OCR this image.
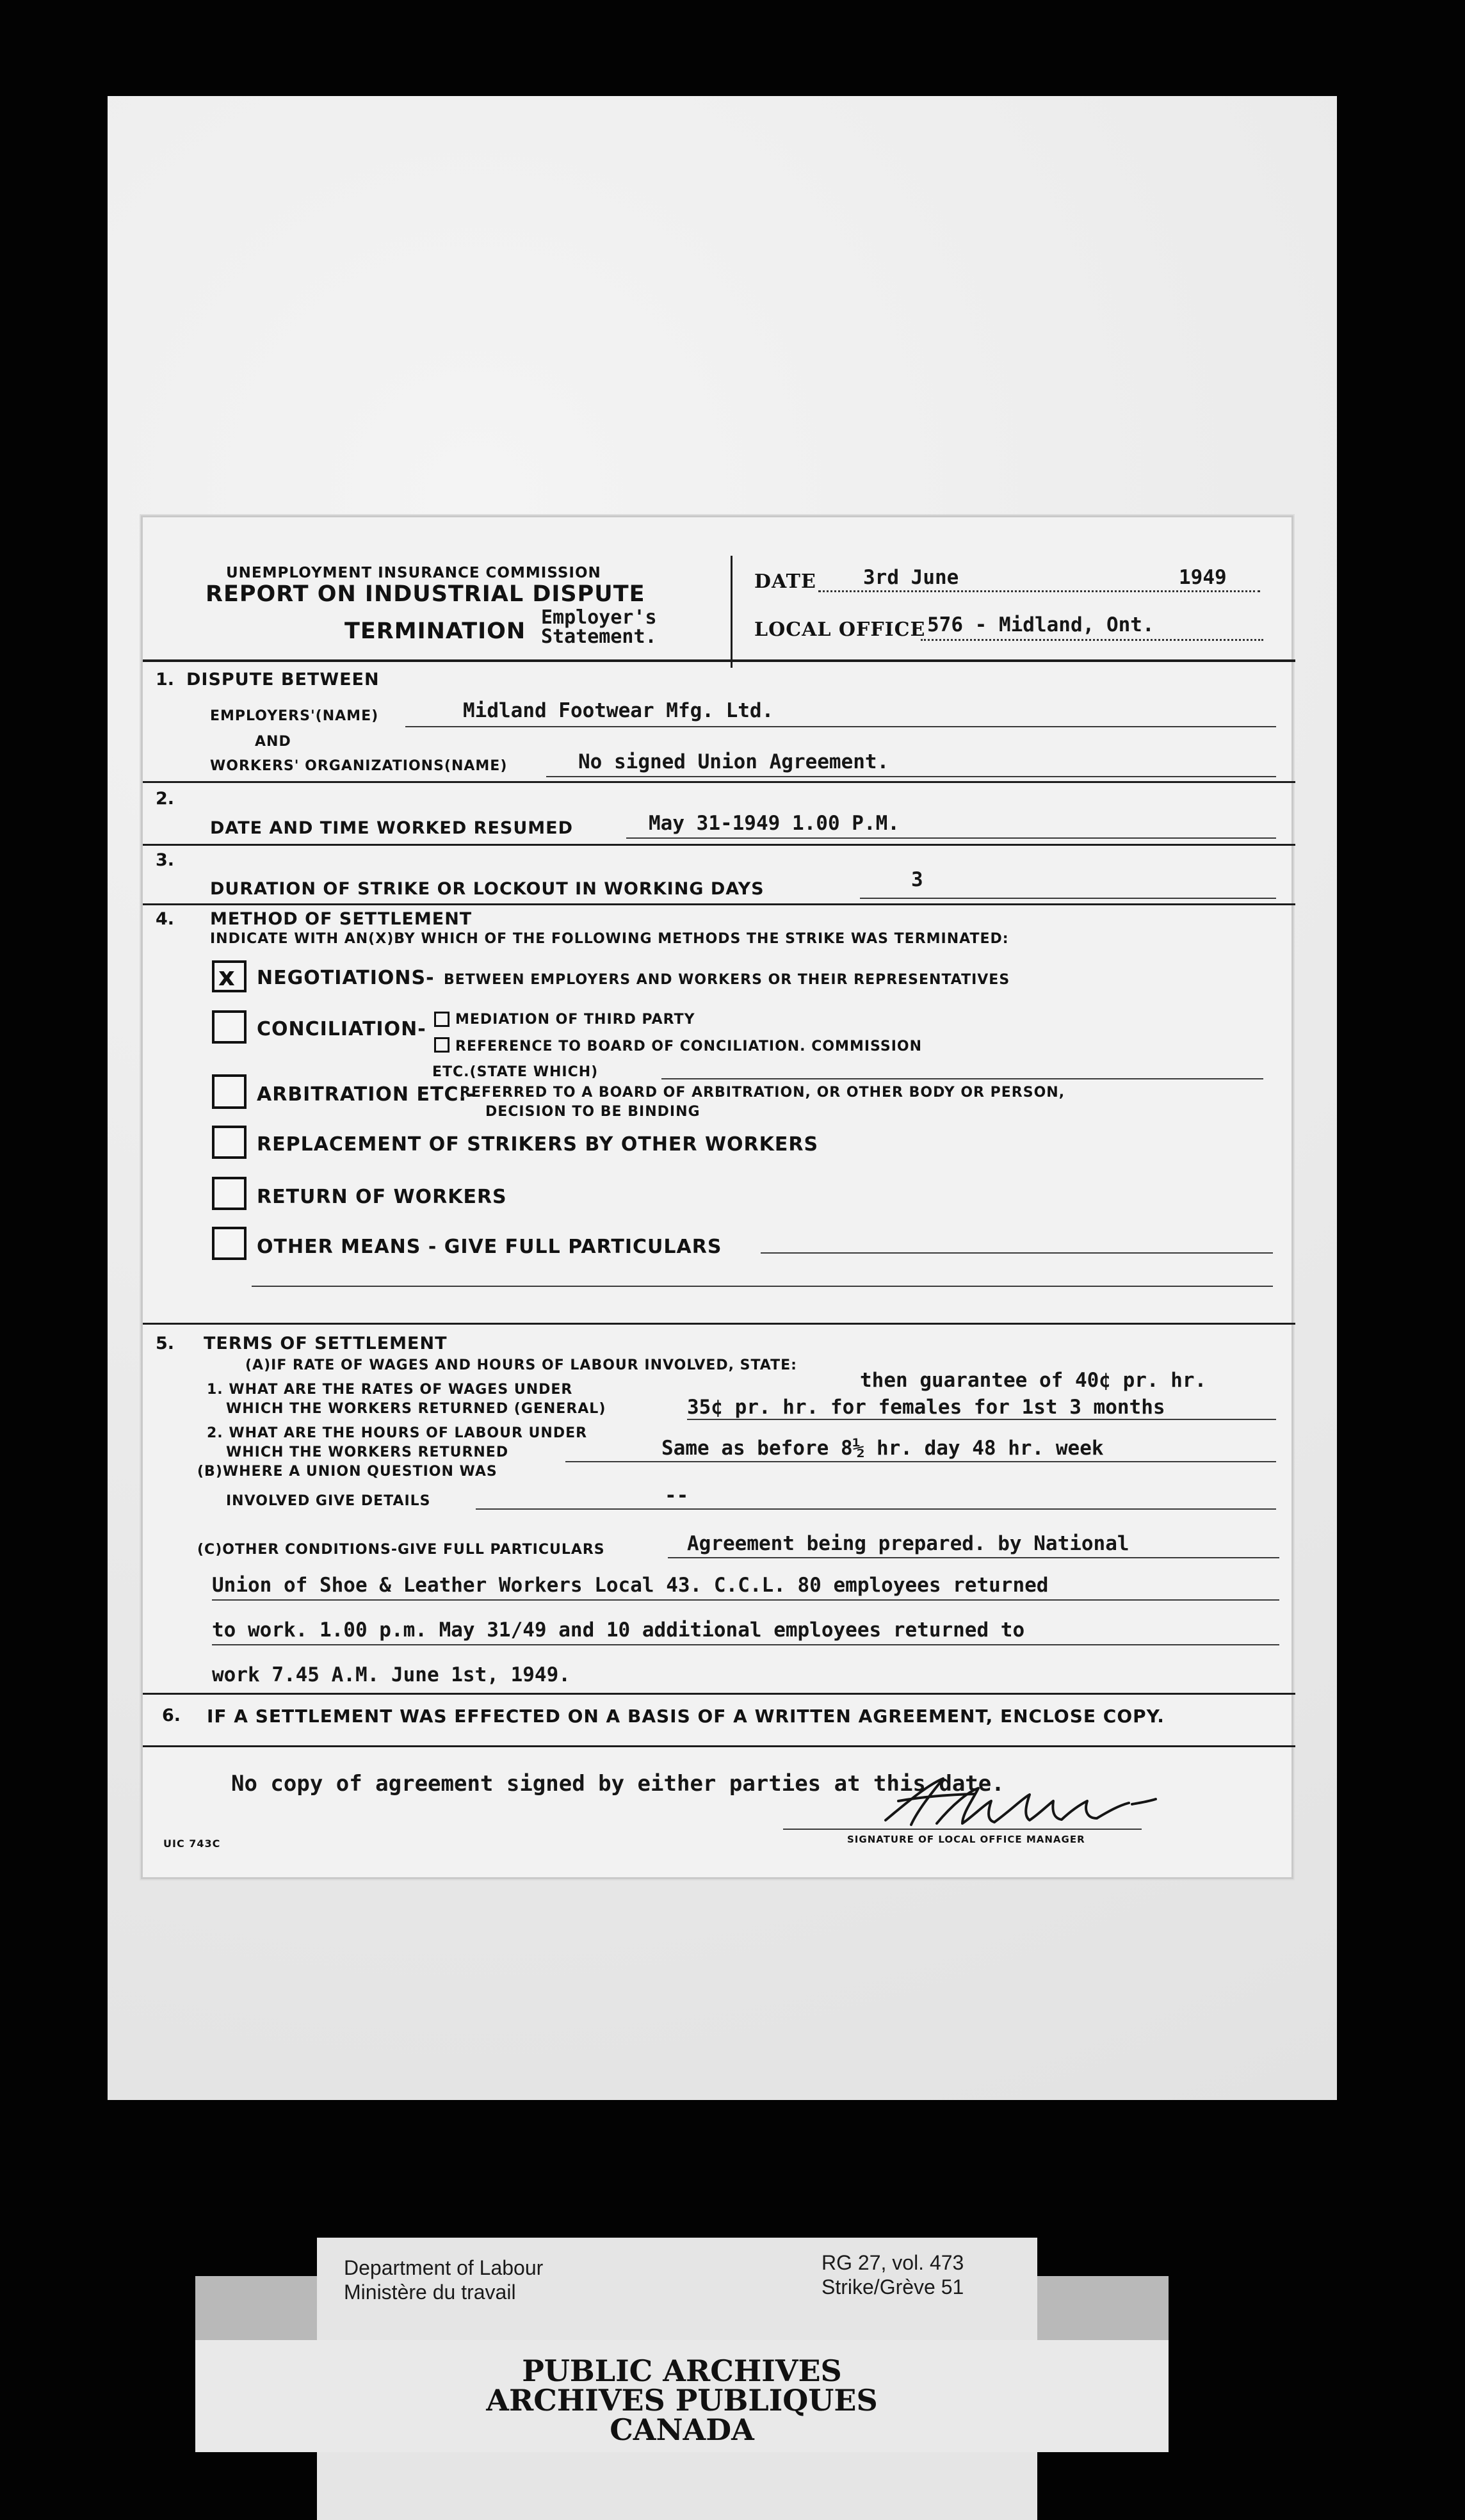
UNEMPLOYMENT INSURANCE COMMISSION
REPORT ON INDUSTRIAL DISPUTE
TERMINATION
Employer's
Statement.
DATE 3rd June	1949
LOCAL OFFICE 576 - Midland, Ont.
1. DISPUTE BETWEEN
EMPLOYERS'(NAME)	Midland Footwear Mfg. Ltd.
AND
WORKERS' ORGANIZATIONS(NAME)	No signed Union Agreement.
2.
DATE AND TIME WORKED RESUMED	May 31-1949 1.00 P.M.
3.
DURATION OF STRIKE OR LOCKOUT IN WORKING DAYS	3
4. METHOD OF SETTLEMENT
INDICATE WITH AN(X)BY WHICH OF THE FOLLOWING METHODS THE STRIKE WAS TERMINATED:
x NEGOTIATIONS- BETWEEN EMPLOYERS AND WORKERS OR THEIR REPRESENTATIVES
CONCILIATION- MEDIATION OF THIRD PARTY
REFERENCE TO BOARD OF CONCILIATION. COMMISSION
ETC.(STATE WHICH)
ARBITRATION ETC.-
REFERRED TO A BOARD OF ARBITRATION, OR OTHER BODY OR PERSON,
DECISION TO BE BINDING
REPLACEMENT OF STRIKERS BY OTHER WORKERS
RETURN OF WORKERS
OTHER MEANS - GIVE FULL PARTICULARS
5. TERMS OF SETTLEMENT
(A)IF RATE OF WAGES AND HOURS OF LABOUR INVOLVED, STATE:
1. WHAT ARE THE RATES OF WAGES UNDER
WHICH THE WORKERS RETURNED (GENERAL)
then guarantee of 40¢ pr. hr.
35¢ pr. hr. for females for 1st 3 months
2. WHAT ARE THE HOURS OF LABOUR UNDER
WHICH THE WORKERS RETURNED	Same as before 8½ hr. day 48 hr. week
(B)WHERE A UNION QUESTION WAS
INVOLVED GIVE DETAILS	--
(C)OTHER CONDITIONS-GIVE FULL PARTICULARS	Agreement being prepared. by National
Union of Shoe & Leather Workers Local 43. C.C.L. 80 employees returned
to work. 1.00 p.m. May 31/49 and 10 additional employees returned to
work 7.45 A.M. June 1st, 1949.
6. IF A SETTLEMENT WAS EFFECTED ON A BASIS OF A WRITTEN AGREEMENT, ENCLOSE COPY.
No copy of agreement signed by either parties at this date.
SIGNATURE OF LOCAL OFFICE MANAGER
UIC 743C
Department of Labour
Ministère du travail
RG 27, vol. 473
Strike/Grève 51
PUBLIC ARCHIVES
ARCHIVES PUBLIQUES
CANADA
